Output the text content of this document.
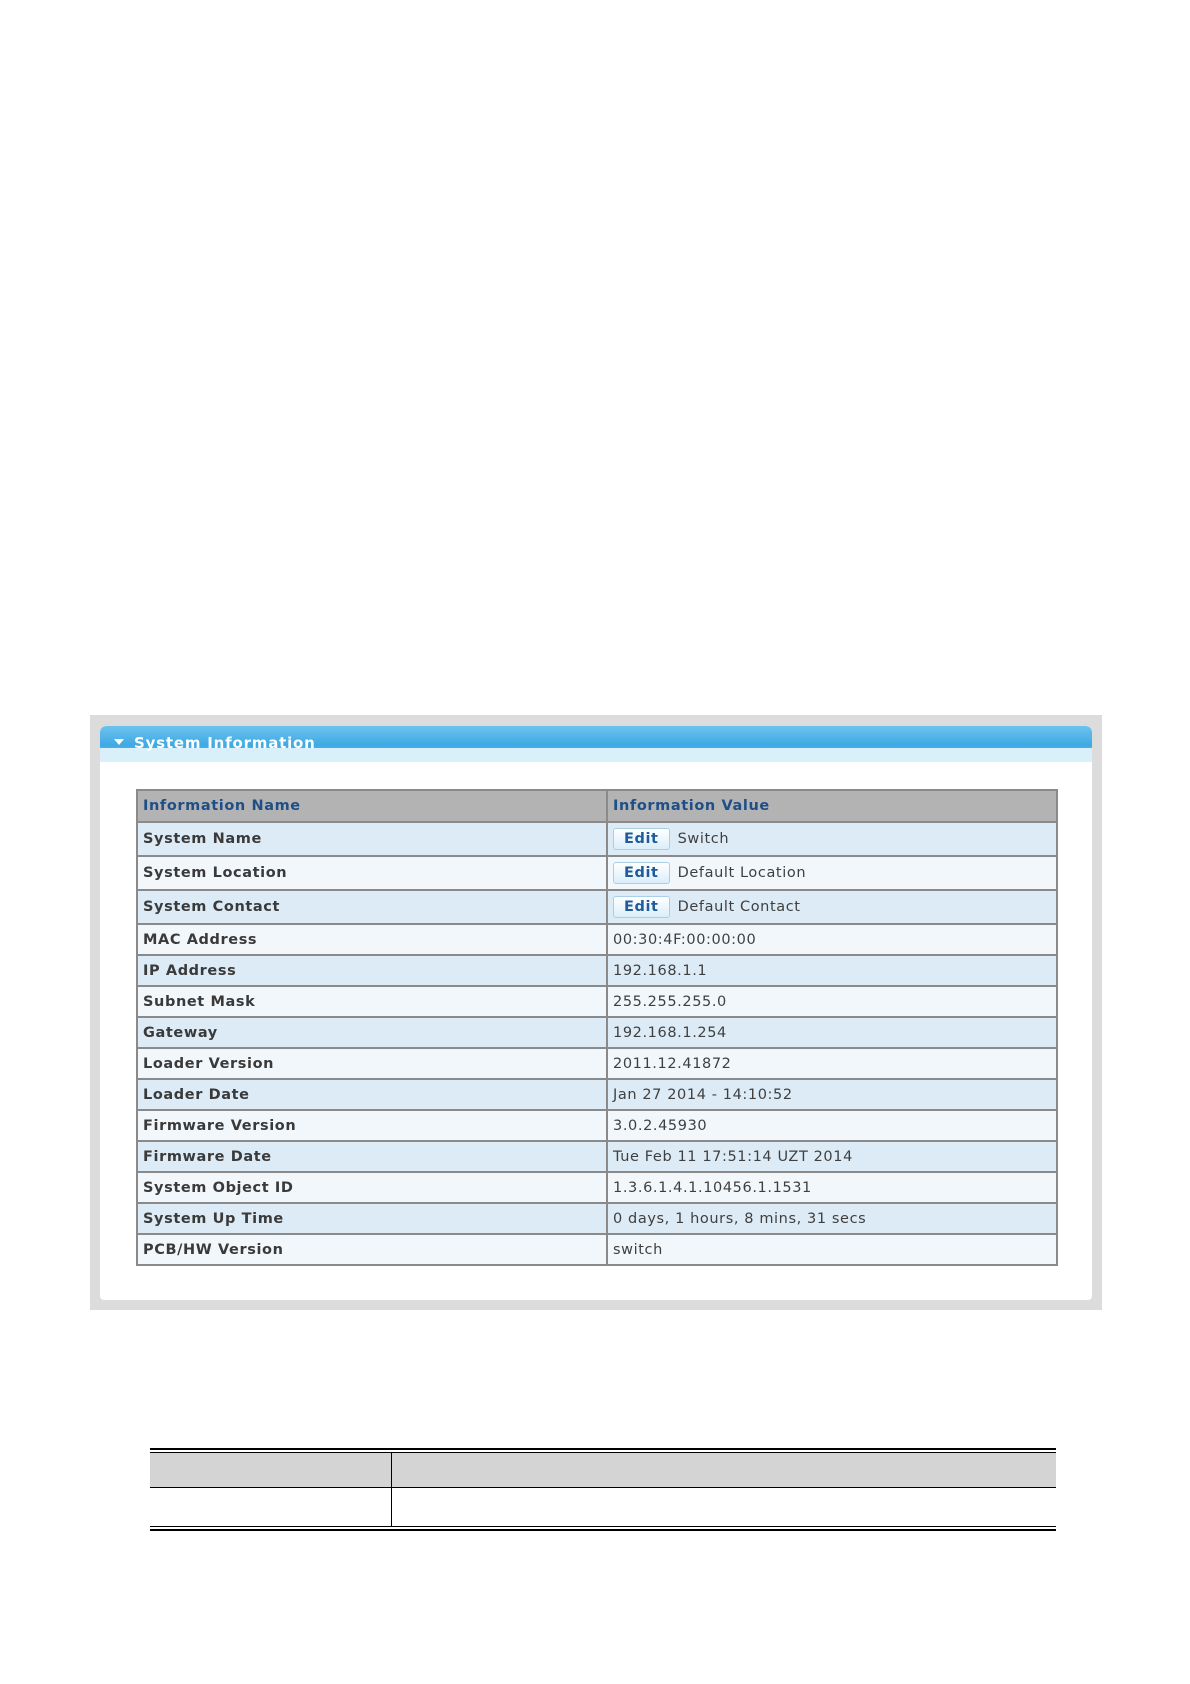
System Information
Information Name	Information Value
System Name	Edit Switch
System Location	Edit Default Location
System Contact	Edit Default Contact
MAC Address	00:30:4F:00:00:00
IP Address	192.168.1.1
Subnet Mask	255.255.255.0
Gateway	192.168.1.254
Loader Version	2011.12.41872
Loader Date	Jan 27 2014 - 14:10:52
Firmware Version	3.0.2.45930
Firmware Date	Tue Feb 11 17:51:14 UZT 2014
System Object ID	1.3.6.1.4.1.10456.1.1531
System Up Time	0 days, 1 hours, 8 mins, 31 secs
PCB/HW Version	switch
